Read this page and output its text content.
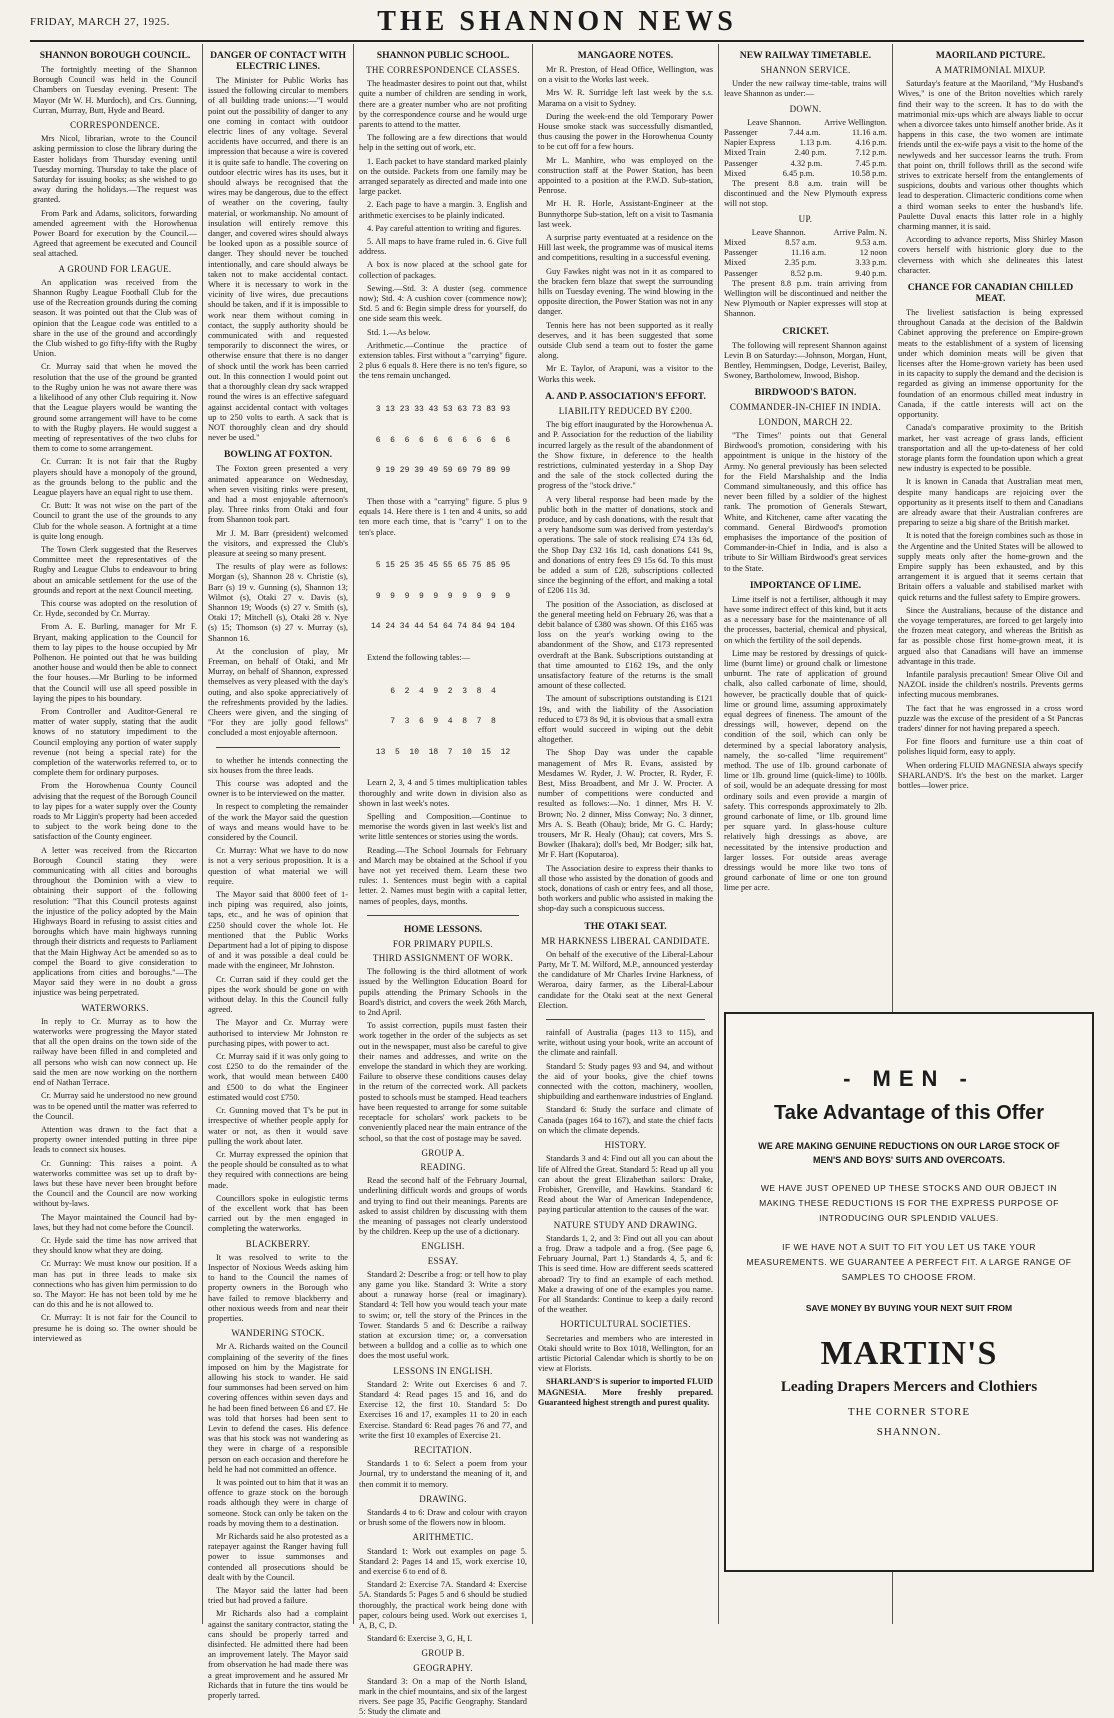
FRIDAY, MARCH 27, 1925.	THE SHANNON NEWS
SHANNON BOROUGH COUNCIL.

The fortnightly meeting of the Shannon Borough Council was held in the Council Chambers on Tuesday evening. Present: The Mayor (Mr W. H. Murdoch), and Crs. Gunning, Curran, Murray, Butt, Hyde and Beard.

CORRESPONDENCE.

Mrs Nicol, librarian, wrote to the Council asking permission to close the library during the Easter holidays from Thursday evening until Tuesday morning. Thursday to take the place of Saturday for issuing books; as she wished to go away during the holidays.—The request was granted.

From Park and Adams, solicitors, forwarding amended agreement with the Horowhenua Power Board for execution by the Council.—Agreed that agreement be executed and Council seal attached.

A GROUND FOR LEAGUE.

An application was received from the Shannon Rugby League Football Club for the use of the Recreation grounds during the coming season. It was pointed out that the Club was of opinion that the League code was entitled to a share in the use of the ground and accordingly the Club wished to go fifty-fifty with the Rugby Union.

Cr. Murray said that when he moved the resolution that the use of the ground be granted to the Rugby union he was not aware there was a likelihood of any other Club requiring it. Now that the League players would be wanting the ground some arrangement will have to be come to with the Rugby players. He would suggest a meeting of representatives of the two clubs for them to come to some arrangement.

Cr. Curran: It is not fair that the Rugby players should have a monopoly of the ground, as the grounds belong to the public and the League players have an equal right to use them.

Cr. Butt: It was not wise on the part of the Council to grant the use of the grounds to any Club for the whole season. A fortnight at a time is quite long enough.

The Town Clerk suggested that the Reserves Committee meet the representatives of the Rugby and League Clubs to endeavour to bring about an amicable settlement for the use of the grounds and report at the next Council meeting.

This course was adopted on the resolution of Cr. Hyde, seconded by Cr. Murray.

From A. E. Burling, manager for Mr F. Bryant, making application to the Council for them to lay pipes to the house occupied by Mr Polhenon. He pointed out that he was building another house and would then be able to connect the four houses.—Mr Burling to be informed that the Council will use all speed possible in laying the pipes to his boundary.

From Controller and Auditor-General re matter of water supply, stating that the audit knows of no statutory impediment to the Council employing any portion of water supply revenue (not being a special rate) for the completion of the waterworks referred to, or to complete them for ordinary purposes.

From the Horowhenua County Council advising that the request of the Borough Council to lay pipes for a water supply over the County roads to Mr Liggin's property had been acceded to subject to the work being done to the satisfaction of the County engineer.

A letter was received from the Riccarton Borough Council stating they were communicating with all cities and boroughs throughout the Dominion with a view to obtaining their support of the following resolution: "That this Council protests against the injustice of the policy adopted by the Main Highways Board in refusing to assist cities and boroughs which have main highways running through their districts and requests to Parliament that the Main Highway Act be amended so as to compel the Board to give consideration to applications from cities and boroughs."—The Mayor said they were in no doubt a gross injustice was being perpetrated.

WATERWORKS.

In reply to Cr. Murray as to how the waterworks were progressing the Mayor stated that all the open drains on the town side of the railway have been filled in and completed and all persons who wish can now connect up. He said the men are now working on the northern end of Nathan Terrace.

Cr. Murray said he understood no new ground was to be opened until the matter was referred to the Council.

Attention was drawn to the fact that a property owner intended putting in three pipe leads to connect six houses.

Cr. Gunning: This raises a point. A waterworks committee was set up to draft by-laws but these have never been brought before the Council and the Council are now working without by-laws.

The Mayor maintained the Council had by-laws, but they had not come before the Council.

Cr. Hyde said the time has now arrived that they should know what they are doing.

Cr. Murray: We must know our position. If a man has put in three leads to make six connections who has given him permission to do so. The Mayor: He has not been told by me he can do this and he is not allowed to.

Cr. Murray: It is not fair for the Council to presume he is doing so. The owner should be interviewed as

DANGER OF CONTACT WITH ELECTRIC LINES.

The Minister for Public Works has issued the following circular to members of all building trade unions:—"I would point out the possibility of danger to any one coming in contact with outdoor electric lines of any voltage. Several accidents have occurred, and there is an impression that because a wire is covered it is quite safe to handle. The covering on outdoor electric wires has its uses, but it should always be recognised that the wires may be dangerous, due to the effect of weather on the covering, faulty material, or workmanship. No amount of insulation will entirely remove this danger, and covered wires should always be looked upon as a possible source of danger. They should never be touched intentionally, and care should always be taken not to make accidental contact. Where it is necessary to work in the vicinity of live wires, due precautions should be taken, and if it is impossible to work near them without coming in contact, the supply authority should be communicated with and requested temporarily to disconnect the wires, or otherwise ensure that there is no danger of shock until the work has been carried out. In this connection I would point out that a thoroughly clean dry sack wrapped round the wires is an effective safeguard against accidental contact with voltages up to 250 volts to earth. A sack that is NOT thoroughly clean and dry should never be used."

BOWLING AT FOXTON.

The Foxton green presented a very animated appearance on Wednesday, when seven visiting rinks were present, and had a most enjoyable afternoon's play. Three rinks from Otaki and four from Shannon took part.

Mr J. M. Barr (president) welcomed the visitors, and expressed the Club's pleasure at seeing so many present.

The results of play were as follows: Morgan (s), Shannon 28 v. Christie (s), Barr (s) 19 v. Gunning (s), Shannon 13; Wilmot (s), Otaki 27 v. Davis (s), Shannon 19; Woods (s) 27 v. Smith (s), Otaki 17; Mitchell (s), Otaki 28 v. Nye (s) 15; Thomson (s) 27 v. Murray (s), Shannon 16.

At the conclusion of play, Mr Freeman, on behalf of Otaki, and Mr Murray, on behalf of Shannon, expressed themselves as very pleased with the day's outing, and also spoke appreciatively of the refreshments provided by the ladies. Cheers were given, and the singing of "For they are jolly good fellows" concluded a most enjoyable afternoon.

to whether he intends connecting the six houses from the three leads.

This course was adopted and the owner is to be interviewed on the matter.

In respect to completing the remainder of the work the Mayor said the question of ways and means would have to be considered by the Council.

Cr. Murray: What we have to do now is not a very serious proposition. It is a question of what material we will require.

The Mayor said that 8000 feet of 1-inch piping was required, also joints, taps, etc., and he was of opinion that £250 should cover the whole lot. He mentioned that the Public Works Department had a lot of piping to dispose of and it was possible a deal could be made with the engineer, Mr Johnston.

Cr. Curran said if they could get the pipes the work should be gone on with without delay. In this the Council fully agreed.

The Mayor and Cr. Murray were authorised to interview Mr Johnston re purchasing pipes, with power to act.

Cr. Murray said if it was only going to cost £250 to do the remainder of the work, that would mean between £400 and £500 to do what the Engineer estimated would cost £750.

Cr. Gunning moved that T's be put in irrespective of whether people apply for water or not, as then it would save pulling the work about later.

Cr. Murray expressed the opinion that the people should be consulted as to what they required with connections are being made.

Councillors spoke in eulogistic terms of the excellent work that has been carried out by the men engaged in completing the waterworks.

BLACKBERRY.

It was resolved to write to the Inspector of Noxious Weeds asking him to hand to the Council the names of property owners in the Borough who have failed to remove blackberry and other noxious weeds from and near their properties.

WANDERING STOCK.

Mr A. Richards waited on the Council complaining of the severity of the fines imposed on him by the Magistrate for allowing his stock to wander. He said four summonses had been served on him covering offences within seven days and he had been fined between £6 and £7. He was told that horses had been sent to Levin to defend the cases. His defence was that his stock was not wandering as they were in charge of a responsible person on each occasion and therefore he held he had not committed an offence.

It was pointed out to him that it was an offence to graze stock on the borough roads although they were in charge of someone. Stock can only be taken on the roads by moving them to a destination.

Mr Richards said he also protested as a ratepayer against the Ranger having full power to issue summonses and contended all prosecutions should be dealt with by the Council.

The Mayor said the latter had been tried but had proved a failure.

Mr Richards also had a complaint against the sanitary contractor, stating the cans should be properly tarred and disinfected. He admitted there had been an improvement lately. The Mayor said from observation he had made there was a great improvement and he assured Mr Richards that in future the tins would be properly tarred.

SHANNON PUBLIC SCHOOL.
THE CORRESPONDENCE CLASSES.

The headmaster desires to point out that, whilst quite a number of children are sending in work, there are a greater number who are not profiting by the correspondence course and he would urge parents to attend to the matter.

The following are a few directions that would help in the setting out of work, etc.

1. Each packet to have standard marked plainly on the outside. Packets from one family may be arranged separately as directed and made into one large packet.

2. Each page to have a margin. 3. English and arithmetic exercises to be plainly indicated.

4. Pay careful attention to writing and figures.

5. All maps to have frame ruled in. 6. Give full address.

A box is now placed at the school gate for collection of packages.

Sewing.—Std. 3: A duster (seg. commence now); Std. 4: A cushion cover (commence now); Std. 5 and 6: Begin simple dress for yourself, do one side seam this week.

Std. 1.—As below.

Arithmetic.—Continue the practice of extension tables. First without a "carrying" figure. 2 plus 6 equals 8. Here there is no ten's figure, so the tens remain unchanged.

3 13 23 33 43 53 63 73 83 93

6  6  6  6  6  6  6  6  6  6

9 19 29 39 49 59 69 79 89 99

Then those with a "carrying" figure. 5 plus 9 equals 14. Here there is 1 ten and 4 units, so add ten more each time, that is "carry" 1 on to the ten's place.

5 15 25 35 45 55 65 75 85 95

9  9  9  9  9  9  9  9  9  9

14 24 34 44 54 64 74 84 94 104

Extend the following tables:—

6  2  4  9  2  3  8  4

7  3  6  9  4  8  7  8

13  5  10  18  7  10  15  12

Learn 2, 3, 4 and 5 times multiplication tables thoroughly and write down in division also as shown in last week's notes.

Spelling and Composition.—Continue to memorise the words given in last week's list and write little sentences or stories using the words.

Reading.—The School Journals for February and March may be obtained at the School if you have not yet received them. Learn these two rules: 1. Sentences must begin with a capital letter. 2. Names must begin with a capital letter, names of peoples, days, months.

HOME LESSONS.
FOR PRIMARY PUPILS.
THIRD ASSIGNMENT OF WORK.

The following is the third allotment of work issued by the Wellington Education Board for pupils attending the Primary Schools in the Board's district, and covers the week 26th March, to 2nd April.

To assist correction, pupils must fasten their work together in the order of the subjects as set out in the newspaper, must also be careful to give their names and addresses, and write on the envelope the standard in which they are working. Failure to observe these conditions causes delay in the return of the corrected work. All packets posted to schools must be stamped. Head teachers have been requested to arrange for some suitable receptacle for scholars' work packets to be conveniently placed near the main entrance of the school, so that the cost of postage may be saved.

GROUP A.
READING.

Read the second half of the February Journal, underlining difficult words and groups of words and trying to find out their meanings. Parents are asked to assist children by discussing with them the meaning of passages not clearly understood by the children. Keep up the use of a dictionary.

ENGLISH.
ESSAY.

Standard 2: Describe a frog: or tell how to play any game you like. Standard 3: Write a story about a runaway horse (real or imaginary). Standard 4: Tell how you would teach your mate to swim; or, tell the story of the Princes in the Tower. Standards 5 and 6: Describe a railway station at excursion time; or, a conversation between a bulldog and a collie as to which one does the most useful work.

LESSONS IN ENGLISH.

Standard 2: Write out Exercises 6 and 7. Standard 4: Read pages 15 and 16, and do Exercise 12, the first 10. Standard 5: Do Exercises 16 and 17, examples 11 to 20 in each Exercise. Standard 6: Read pages 76 and 77, and write the first 10 examples of Exercise 21.

RECITATION.

Standards 1 to 6: Select a poem from your Journal, try to understand the meaning of it, and then commit it to memory.

DRAWING.

Standards 4 to 6: Draw and colour with crayon or brush some of the flowers now in bloom.

ARITHMETIC.

Standard 1: Work out examples on page 5. Standard 2: Pages 14 and 15, work exercise 10, and exercise 6 to end of 8.

Standard 2: Exercise 7A. Standard 4: Exercise 5A. Standards 5: Pages 5 and 6 should be studied thoroughly, the practical work being done with paper, colours being used. Work out exercises 1, A, B, C, D.

Standard 6: Exercise 3, G, H, I.

GROUP B.
GEOGRAPHY.

Standard 3: On a map of the North Island, mark in the chief mountains, and six of the largest rivers. See page 35, Pacific Geography. Standard 5: Study the climate and

MANGAORE NOTES.

Mr R. Preston, of Head Office, Wellington, was on a visit to the Works last week.

Mrs W. R. Surridge left last week by the s.s. Marama on a visit to Sydney.

During the week-end the old Temporary Power House smoke stack was successfully dismantled, thus causing the power in the Horowhenua County to be cut off for a few hours.

Mr L. Manhire, who was employed on the construction staff at the Power Station, has been appointed to a position at the P.W.D. Sub-station, Penrose.

Mr H. R. Horle, Assistant-Engineer at the Bunnythorpe Sub-station, left on a visit to Tasmania last week.

A surprise party eventuated at a residence on the Hill last week, the programme was of musical items and competitions, resulting in a successful evening.

Guy Fawkes night was not in it as compared to the bracken fern blaze that swept the surrounding hills on Tuesday evening. The wind blowing in the opposite direction, the Power Station was not in any danger.

Tennis here has not been supported as it really deserves, and it has been suggested that some outside Club send a team out to foster the game along.

Mr E. Taylor, of Arapuni, was a visitor to the Works this week.

A. AND P. ASSOCIATION'S EFFORT.
LIABILITY REDUCED BY £200.

The big effort inaugurated by the Horowhenua A. and P. Association for the reduction of the liability incurred largely as the result of the abandonment of the Show fixture, in deference to the health restrictions, culminated yesterday in a Shop Day and the sale of the stock collected during the progress of the "stock drive."

A very liberal response had been made by the public both in the matter of donations, stock and produce, and by cash donations, with the result that a very handsome sum was derived from yesterday's operations. The sale of stock realising £74 13s 6d, the Shop Day £32 16s 1d, cash donations £41 9s, and donations of entry fees £9 15s 6d. To this must be added a sum of £28, subscriptions collected since the beginning of the effort, and making a total of £206 11s 3d.

The position of the Association, as disclosed at the general meeting held on February 26, was that a debit balance of £380 was shown. Of this £165 was loss on the year's working owing to the abandonment of the Show, and £173 represented overdraft at the Bank. Subscriptions outstanding at that time amounted to £162 19s, and the only unsatisfactory feature of the returns is the small amount of these collected.

The amount of subscriptions outstanding is £121 19s, and with the liability of the Association reduced to £73 8s 9d, it is obvious that a small extra effort would succeed in wiping out the debit altogether.

The Shop Day was under the capable management of Mrs R. Evans, assisted by Mesdames W. Ryder, J. W. Procter, R. Ryder, F. Best, Miss Broadbent, and Mr J. W. Procter. A number of competitions were conducted and resulted as follows:—No. 1 dinner, Mrs H. V. Brown; No. 2 dinner, Miss Conway; No. 3 dinner, Mrs A. S. Beath (Ohau); bride, Mr G. C. Hardy; trousers, Mr R. Healy (Ohau); cat covers, Mrs S. Bowker (Ihakara); doll's bed, Mr Bodger; silk hat, Mr F. Hart (Koputaroa).

The Association desire to express their thanks to all those who assisted by the donation of goods and stock, donations of cash or entry fees, and all those, both workers and public who assisted in making the shop-day such a conspicuous success.

THE OTAKI SEAT.
MR HARKNESS LIBERAL CANDIDATE.

On behalf of the executive of the Liberal-Labour Party, Mr T. M. Wilford, M.P., announced yesterday the candidature of Mr Charles Irvine Harkness, of Weraroa, dairy farmer, as the Liberal-Labour candidate for the Otaki seat at the next General Election.

rainfall of Australia (pages 113 to 115), and write, without using your book, write an account of the climate and rainfall.

Standard 5: Study pages 93 and 94, and without the aid of your books, give the chief towns connected with the cotton, machinery, woollen, shipbuilding and earthenware industries of England.

Standard 6: Study the surface and climate of Canada (pages 164 to 167), and state the chief facts on which the climate depends.

HISTORY.

Standards 3 and 4: Find out all you can about the life of Alfred the Great. Standard 5: Read up all you can about the great Elizabethan sailors: Drake, Frobisher, Grenville, and Hawkins. Standard 6: Read about the War of American Independence, paying particular attention to the causes of the war.

NATURE STUDY AND DRAWING.

Standards 1, 2, and 3: Find out all you can about a frog. Draw a tadpole and a frog. (See page 6, February Journal, Part 1.) Standards 4, 5, and 6: This is seed time. How are different seeds scattered abroad? Try to find an example of each method. Make a drawing of one of the examples you name. For all Standards: Continue to keep a daily record of the weather.

HORTICULTURAL SOCIETIES.

Secretaries and members who are interested in Otaki should write to Box 1018, Wellington, for an artistic Pictorial Calendar which is shortly to be on view at Florists.

SHARLAND'S is superior to imported FLUID MAGNESIA. More freshly prepared. Guaranteed highest strength and purest quality.

NEW RAILWAY TIMETABLE.
SHANNON SERVICE.

Under the new railway time-table, trains will leave Shannon as under:—

DOWN.
Leave Shannon.	Arrive Wellington.
Passenger	7.44 a.m.	11.16 a.m.
Napier Express	1.13 p.m.	4.16 p.m.
Mixed Train	2.40 p.m.	7.12 p.m.
Passenger	4.32 p.m.	7.45 p.m.
Mixed	6.45 p.m.	10.58 p.m.

The present 8.8 a.m. train will be discontinued and the New Plymouth express will not stop.

UP.
Leave Shannon.	Arrive Palm. N.
Mixed	8.57 a.m.	9.53 a.m.
Passenger	11.16 a.m.	12 noon
Mixed	2.35 p.m.	3.33 p.m.
Passenger	8.52 p.m.	9.40 p.m.

The present 8.8 p.m. train arriving from Wellington will be discontinued and neither the New Plymouth or Napier expresses will stop at Shannon.

CRICKET.

The following will represent Shannon against Levin B on Saturday:—Johnson, Morgan, Hunt, Bentley, Hemmingsen, Dodge, Leverist, Bailey, Swoney, Bartholomew, Inwood, Bishop.

BIRDWOOD'S BATON.
COMMANDER-IN-CHIEF IN INDIA.
LONDON, MARCH 22.

"The Times" points out that General Birdwood's promotion, considering with his appointment is unique in the history of the Army. No general previously has been selected for the Field Marshalship and the India Command simultaneously, and this office has never been filled by a soldier of the highest rank. The promotion of Generals Stewart, White, and Kitchener, came after vacating the command. General Birdwood's promotion emphasises the importance of the position of Commander-in-Chief in India, and is also a tribute to Sir William Birdwood's great services to the State.

IMPORTANCE OF LIME.

Lime itself is not a fertiliser, although it may have some indirect effect of this kind, but it acts as a necessary base for the maintenance of all the processes, bacterial, chemical and physical, on which the fertility of the soil depends.

Lime may be restored by dressings of quick-lime (burnt lime) or ground chalk or limestone unburnt. The rate of application of ground chalk, also called carbonate of lime, should, however, be practically double that of quick-lime or ground lime, assuming approximately equal degrees of fineness. The amount of the dressings will, however, depend on the condition of the soil, which can only be determined by a special laboratory analysis, namely, the so-called "lime requirement" method. The use of 1lb. ground carbonate of lime or 1lb. ground lime (quick-lime) to 100lb. of soil, would be an adequate dressing for most ordinary soils and even provide a margin of safety. This corresponds approximately to 2lb. ground carbonate of lime, or 1lb. ground lime per square yard. In glass-house culture relatively high dressings as above, are necessitated by the intensive production and larger losses. For outside areas average dressings would be more like two tons of ground carbonate of lime or one ton ground lime per acre.

MAORILAND PICTURE.
A MATRIMONIAL MIXUP.

Saturday's feature at the Maoriland, "My Husband's Wives," is one of the Briton novelties which rarely find their way to the screen. It has to do with the matrimonial mix-ups which are always liable to occur when a divorcee takes unto himself another bride. As it happens in this case, the two women are intimate friends until the ex-wife pays a visit to the home of the newlyweds and her successor learns the truth. From that point on, thrill follows thrill as the second wife strives to extricate herself from the entanglements of suspicions, doubts and various other thoughts which lead to desperation. Climacteric conditions come when a third woman seeks to enter the husband's life. Paulette Duval enacts this latter role in a highly charming manner, it is said.

According to advance reports, Miss Shirley Mason covers herself with histrionic glory due to the cleverness with which she delineates this latest character.

CHANCE FOR CANADIAN CHILLED MEAT.

The liveliest satisfaction is being expressed throughout Canada at the decision of the Baldwin Cabinet approving the preference on Empire-grown meats to the establishment of a system of licensing under which dominion meats will be given that licenses after the Home-grown variety has been used in its capacity to supply the demand and the decision is regarded as giving an immense opportunity for the foundation of an enormous chilled meat industry in Canada, if the cattle interests will act on the opportunity.

Canada's comparative proximity to the British market, her vast acreage of grass lands, efficient transportation and all the up-to-dateness of her cold storage plants form the foundation upon which a great new industry is expected to be possible.

It is known in Canada that Australian meat men, despite many handicaps are rejoicing over the opportunity as it presents itself to them and Canadians are already aware that their Australian confreres are preparing to seize a big share of the British market.

It is noted that the foreign combines such as those in the Argentine and the United States will be allowed to supply meats only after the home-grown and the Empire supply has been exhausted, and by this arrangement it is argued that it seems certain that Britain offers a valuable and stabilised market with quick returns and the fullest safety to Empire growers.

Since the Australians, because of the distance and the voyage temperatures, are forced to get largely into the frozen meat category, and whereas the British as far as possible chose first home-grown meat, it is argued also that Canadians will have an immense advantage in this trade.

Infantile paralysis precaution! Smear Olive Oil and NAZOL inside the children's nostrils. Prevents germs infecting mucous membranes.

The fact that he was engrossed in a cross word puzzle was the excuse of the president of a St Pancras traders' dinner for not having prepared a speech.

For fine floors and furniture use a thin coat of polishes liquid form, easy to apply.

When ordering FLUID MAGNESIA always specify SHARLAND'S. It's the best on the market. Larger bottles—lower price.

- MEN -
Take Advantage of this Offer
WE ARE MAKING GENUINE REDUCTIONS ON OUR LARGE STOCK OF MEN'S AND BOYS' SUITS AND OVERCOATS.
WE HAVE JUST OPENED UP THESE STOCKS AND OUR OBJECT IN MAKING THESE REDUCTIONS IS FOR THE EXPRESS PURPOSE OF INTRODUCING OUR SPLENDID VALUES.
IF WE HAVE NOT A SUIT TO FIT YOU LET US TAKE YOUR MEASUREMENTS. WE GUARANTEE A PERFECT FIT. A LARGE RANGE OF SAMPLES TO CHOOSE FROM.
SAVE MONEY BY BUYING YOUR NEXT SUIT FROM
MARTIN'S
Leading Drapers Mercers and Clothiers
THE CORNER STORE
SHANNON.
